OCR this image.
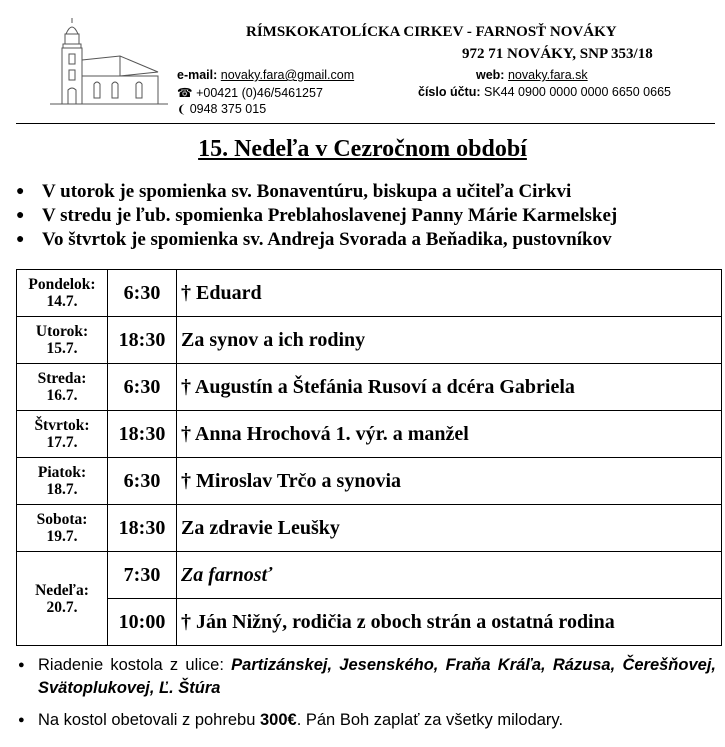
RÍMSKOKATOLÍCKA CIRKEV - FARNOSŤ NOVÁKY
972 71 NOVÁKY, SNP 353/18
e-mail: novaky.fara@gmail.com	web: novaky.fara.sk
☎ +00421 (0)46/5461257	číslo účtu: SK44 0900 0000 0000 6650 0665
❨ 0948 375 015
15. Nedeľa v Cezročnom období
● V utorok je spomienka sv. Bonaventúru, biskupa a učiteľa Cirkvi
● V stredu je ľub. spomienka Preblahoslavenej Panny Márie Karmelskej
● Vo štvrtok je spomienka sv. Andreja Svorada a Beňadika, pustovníkov
Pondelok:
14.7.	6:30	† Eduard
Utorok:
15.7.	18:30	Za synov a ich rodiny
Streda:
16.7.	6:30	† Augustín a Štefánia Rusoví a dcéra Gabriela
Štvrtok:
17.7.	18:30	† Anna Hrochová 1. výr. a manžel
Piatok:
18.7.	6:30	† Miroslav Trčo a synovia
Sobota:
19.7.	18:30	Za zdravie Leušky
Nedeľa:
20.7.	7:30	Za farnosť
	10:00	† Ján Nižný, rodičia z oboch strán a ostatná rodina
● Riadenie kostola z ulice: Partizánskej, Jesenského, Fraňa Kráľa, Rázusa, Čerešňovej, Svätoplukovej, Ľ. Štúra
● Na kostol obetovali z pohrebu 300€. Pán Boh zaplať za všetky milodary.
